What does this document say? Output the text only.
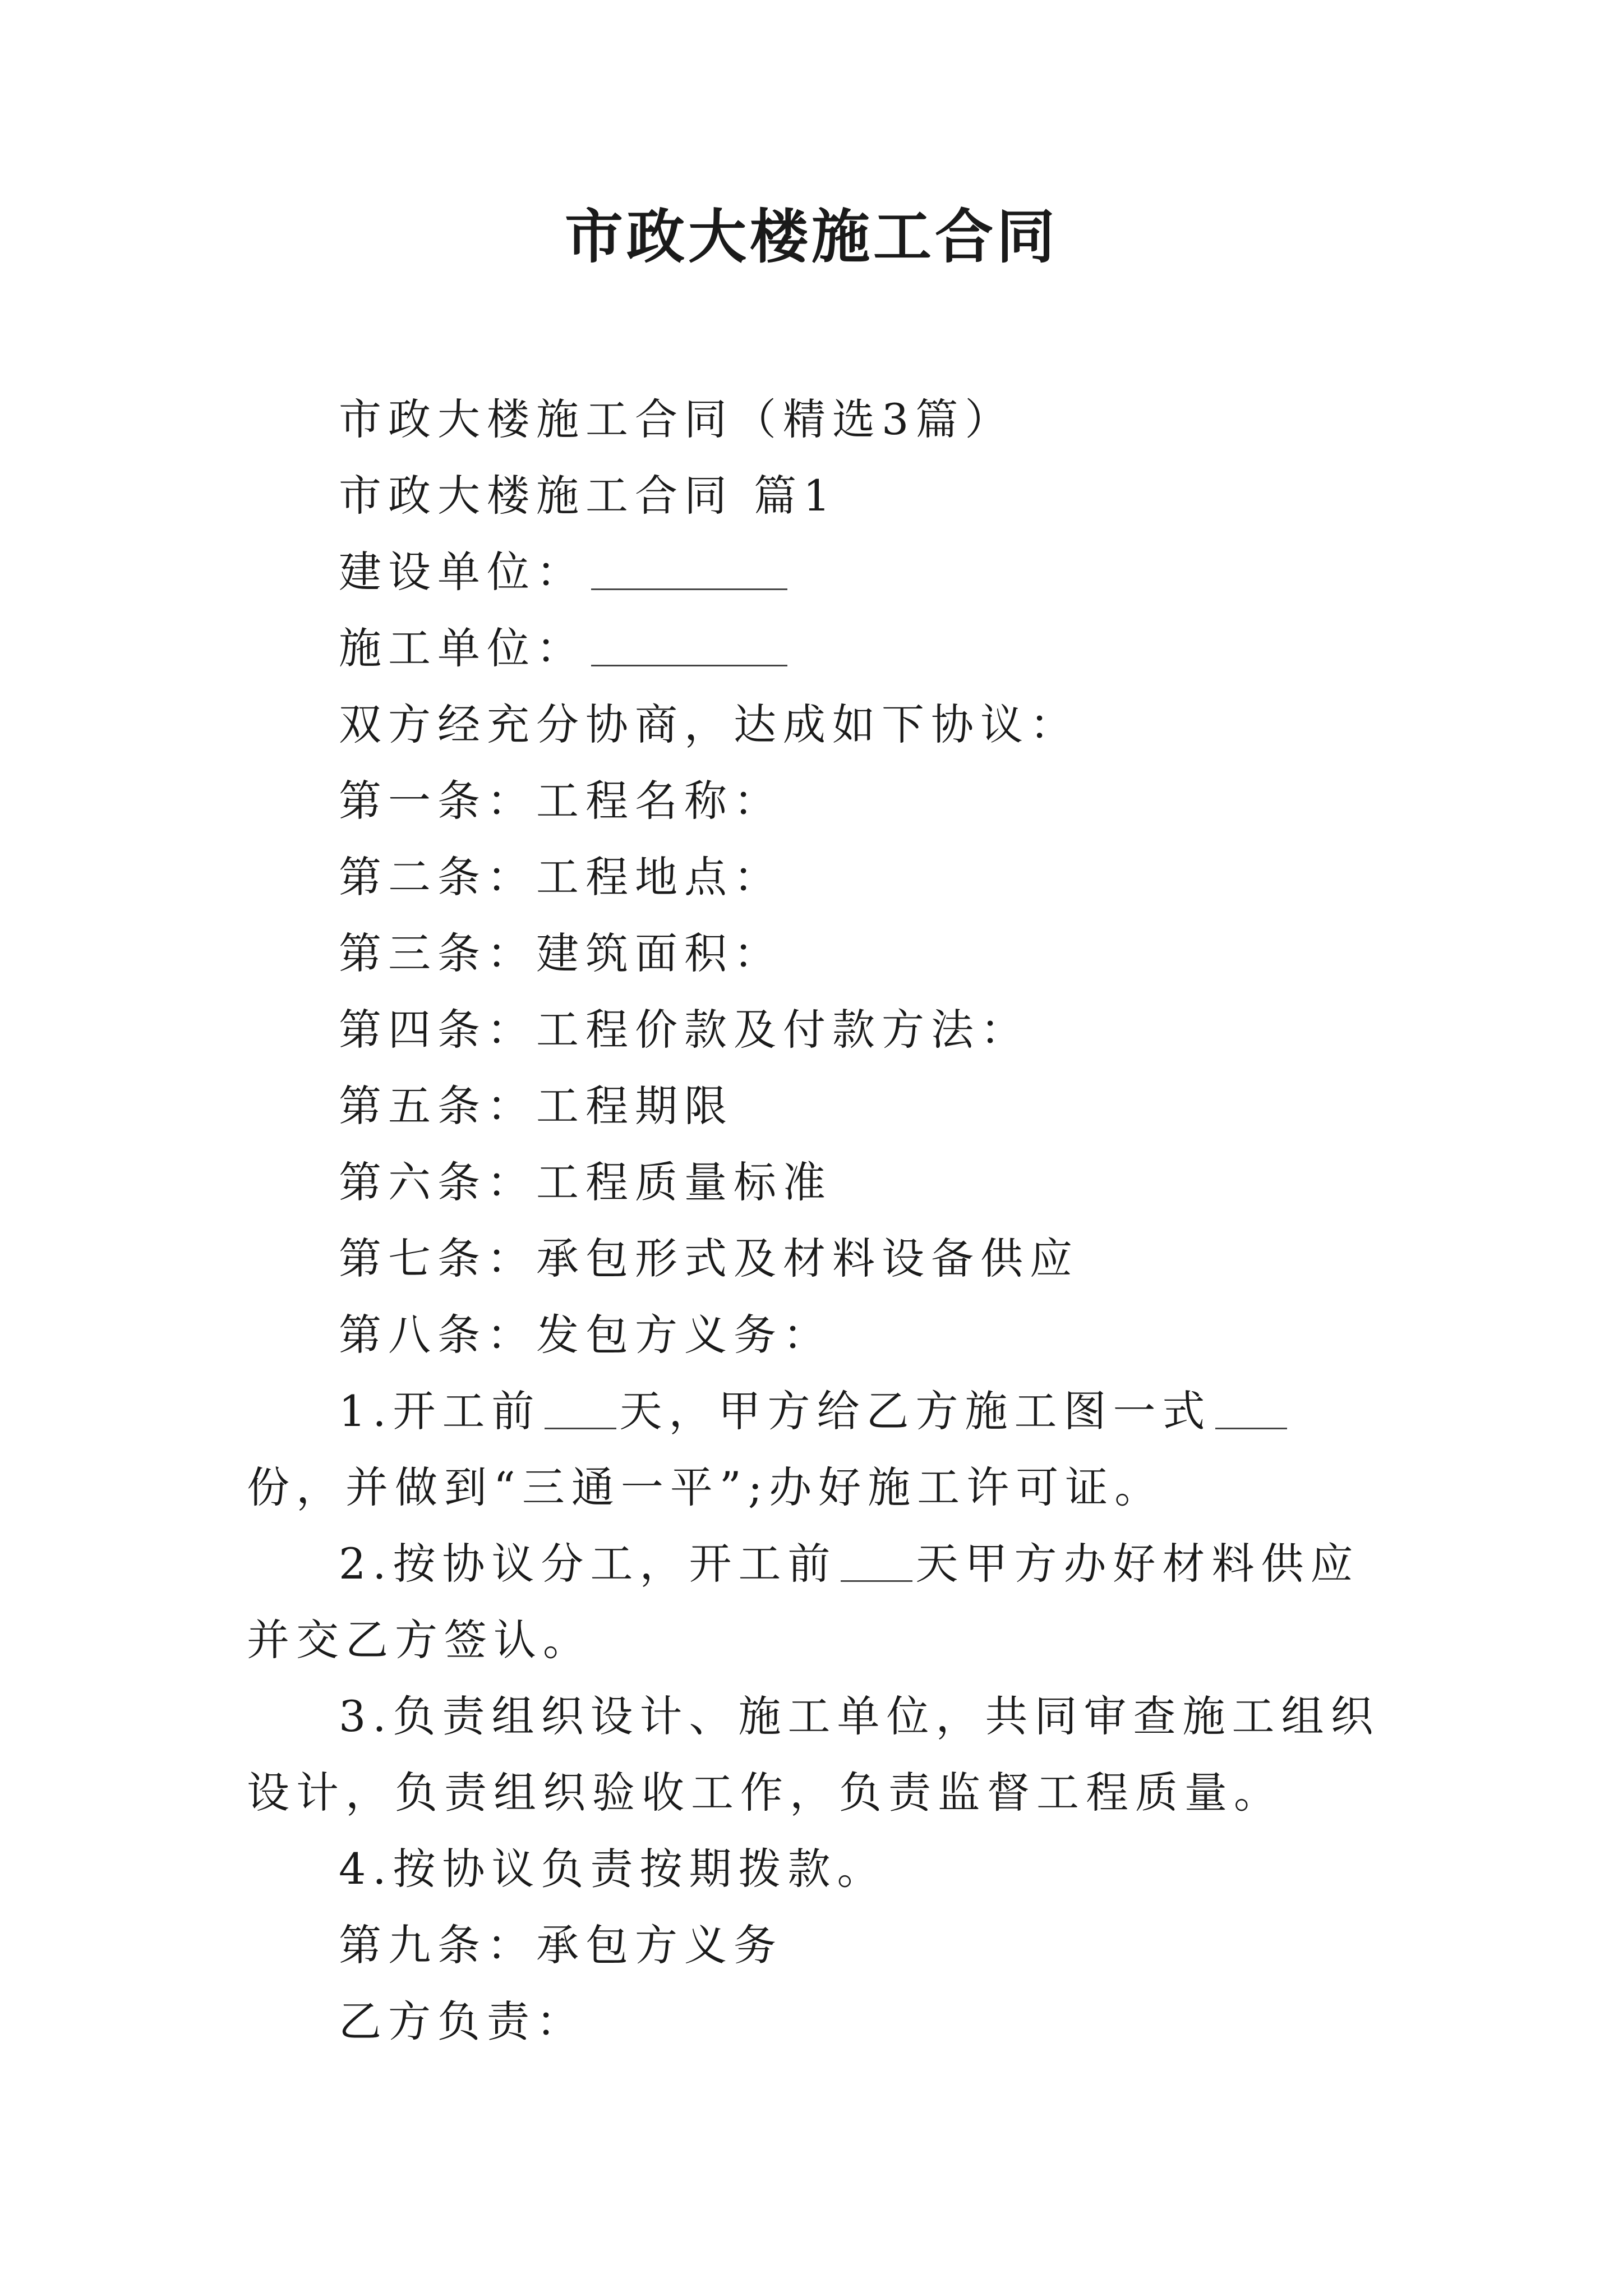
市政大楼施工合同

市政大楼施工合同（精选3篇）

市政大楼施工合同 篇1

建设单位：

施工单位：

双方经充分协商，达成如下协议：

第一条：工程名称：

第二条：工程地点：

第三条：建筑面积：

第四条：工程价款及付款方法：

第五条：工程期限

第六条：工程质量标准

第七条：承包形式及材料设备供应

第八条：发包方义务：

1.开工前 天，甲方给乙方施工图一式份，并做到“三通一平”;办好施工许可证。

2.按协议分工，开工前 天甲方办好材料供应并交乙方签认。

3.负责组织设计、施工单位，共同审查施工组织设计，负责组织验收工作，负责监督工程质量。

4.按协议负责按期拨款。

第九条：承包方义务

乙方负责：
